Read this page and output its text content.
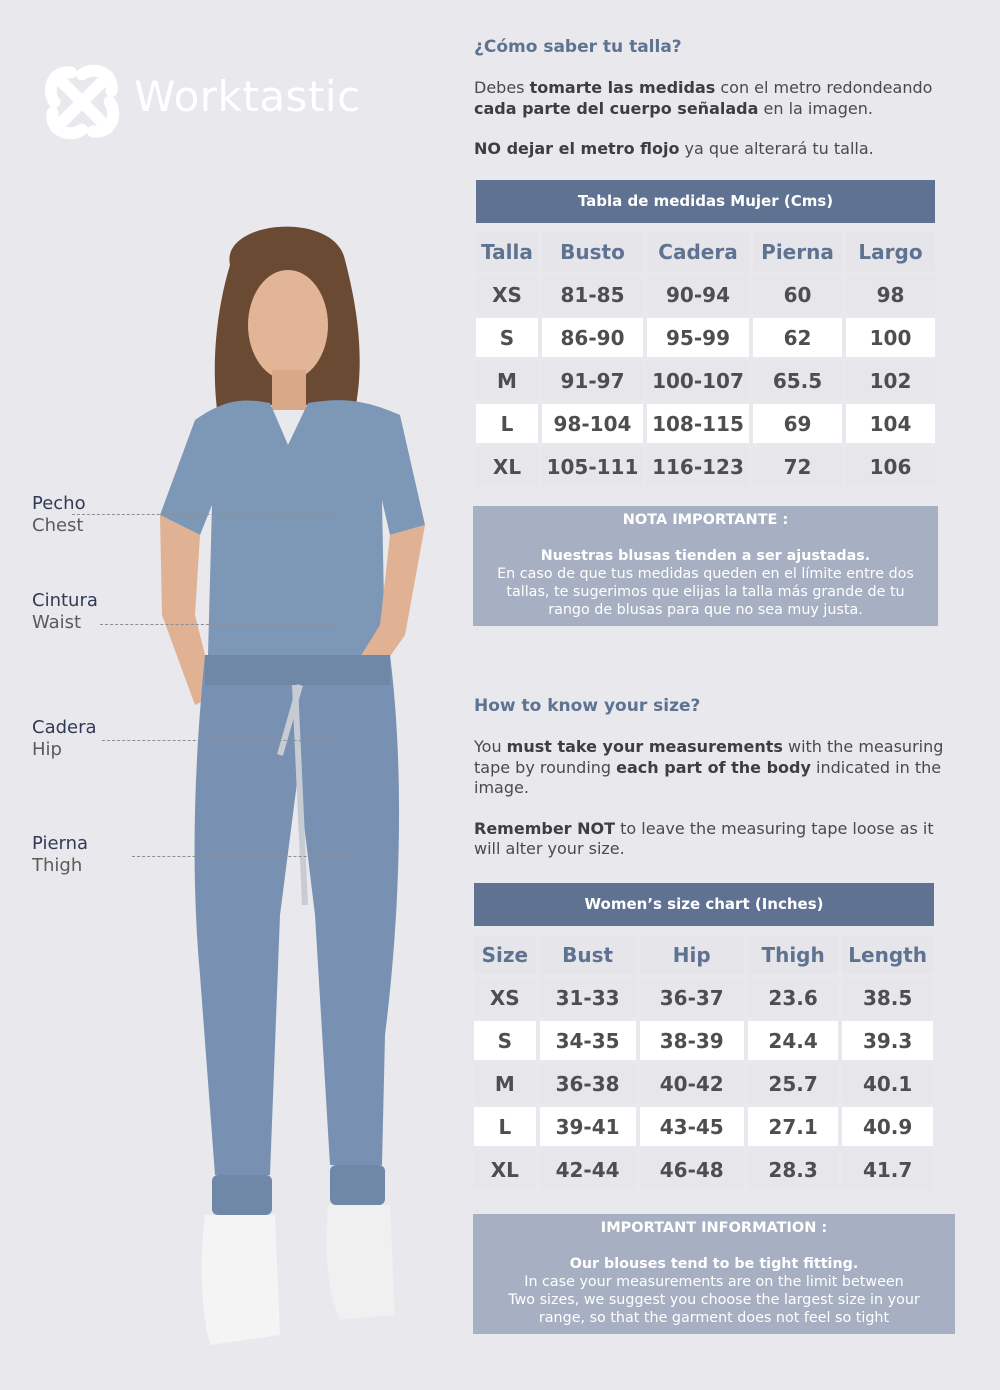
Worktastic
Pecho
Chest
Cintura
Waist
Cadera
Hip
Pierna
Thigh
¿Cómo saber tu talla?

Debes tomarte las medidas con el metro redondeando cada parte del cuerpo señalada en la imagen.

NO dejar el metro flojo ya que alterará tu talla.

Tabla de medidas Mujer (Cms)
Talla	Busto	Cadera	Pierna	Largo
XS	81-85	90-94	60	98
S	86-90	95-99	62	100
M	91-97	100-107	65.5	102
L	98-104	108-115	69	104
XL	105-111	116-123	72	106
NOTA IMPORTANTE :
Nuestras blusas tienden a ser ajustadas.
En caso de que tus medidas queden en el límite entre dos
tallas, te sugerimos que elijas la talla más grande de tu
rango de blusas para que no sea muy justa.
How to know your size?

You must take your measurements with the measuring tape by rounding each part of the body indicated in the image.

Remember NOT to leave the measuring tape loose as it will alter your size.

Women’s size chart (Inches)
Size	Bust	Hip	Thigh	Length
XS	31-33	36-37	23.6	38.5
S	34-35	38-39	24.4	39.3
M	36-38	40-42	25.7	40.1
L	39-41	43-45	27.1	40.9
XL	42-44	46-48	28.3	41.7
IMPORTANT INFORMATION :
Our blouses tend to be tight fitting.
In case your measurements are on the limit between
Two sizes, we suggest you choose the largest size in your
range, so that the garment does not feel so tight
